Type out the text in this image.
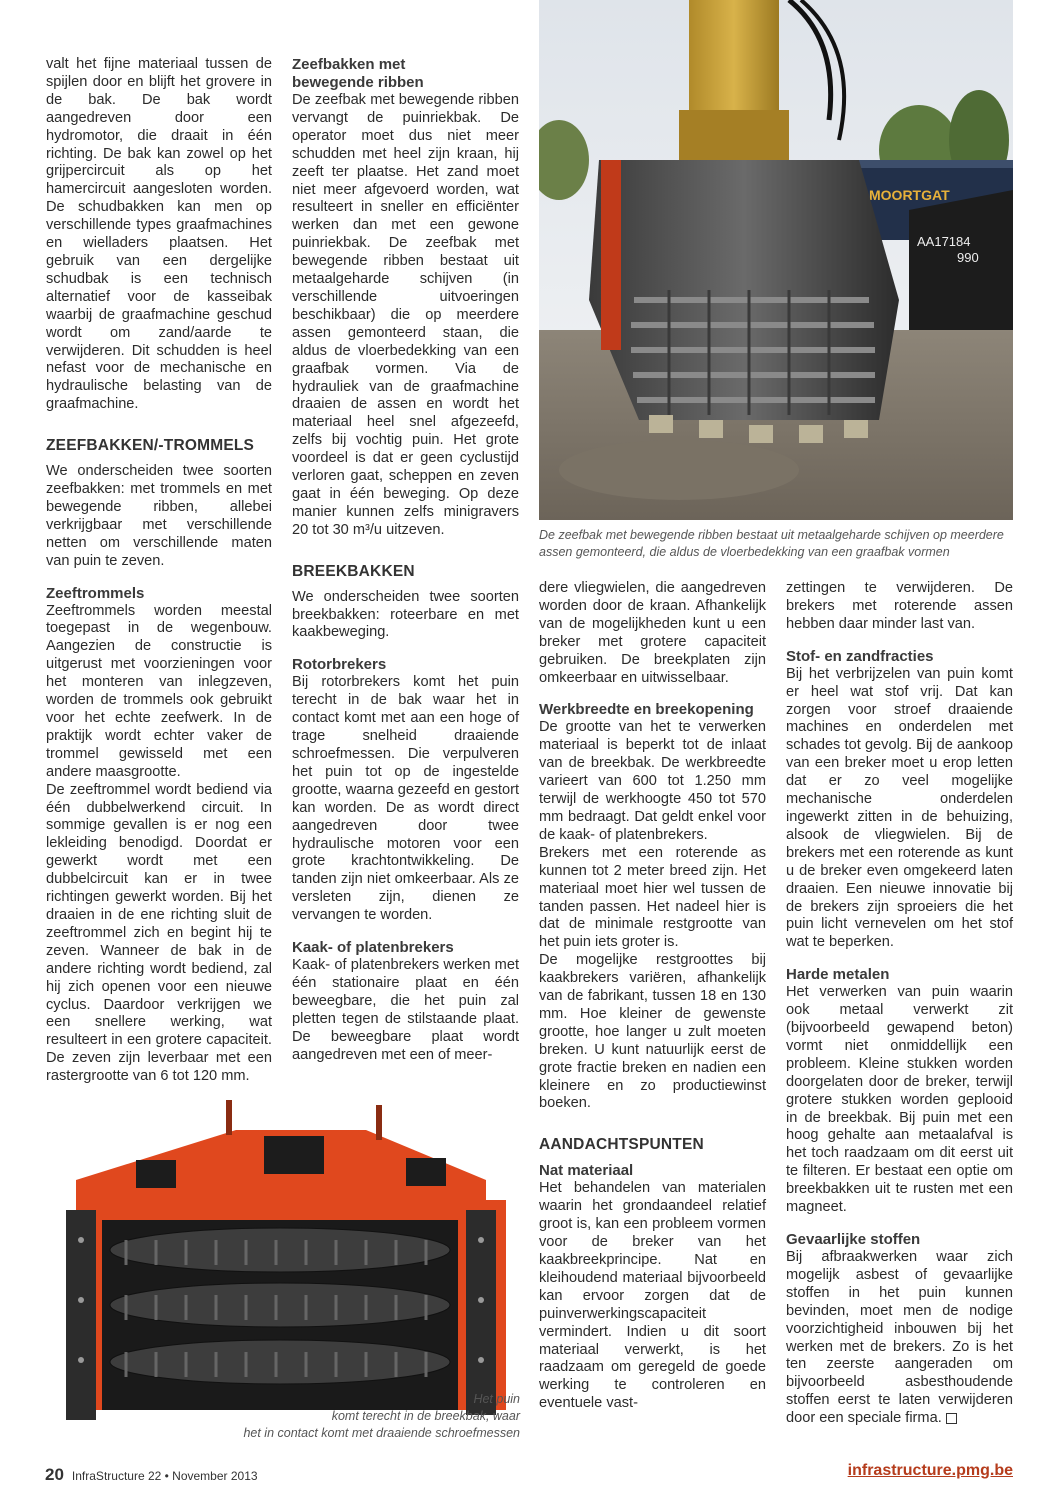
valt het fijne materiaal tussen de spijlen door en blijft het grovere in de bak. De bak wordt aangedreven door een hydromotor, die draait in één richting. De bak kan zowel op het grijpercircuit als op het hamercircuit aangesloten worden. De schudbakken kan men op verschillende types graafmachines en wielladers plaatsen. Het gebruik van een dergelijke schudbak is een technisch alternatief voor de kasseibak waarbij de graafmachine geschud wordt om zand/aarde te verwijderen. Dit schudden is heel nefast voor de mechanische en hydraulische belasting van de graafmachine.

ZEEFBAKKEN/-TROMMELS

We onderscheiden twee soorten zeefbakken: met trommels en met bewegende ribben, allebei verkrijgbaar met verschillende netten om verschillende maten van puin te zeven.

Zeeftrommels

Zeeftrommels worden meestal toegepast in de wegenbouw. Aangezien de constructie is uitgerust met voorzieningen voor het monteren van inlegzeven, worden de trommels ook gebruikt voor het echte zeefwerk. In de praktijk wordt echter vaker de trommel gewisseld met een andere maasgrootte.

De zeeftrommel wordt bediend via één dubbelwerkend circuit. In sommige gevallen is er nog een lekleiding benodigd. Doordat er gewerkt wordt met een dubbelcircuit kan er in twee richtingen gewerkt worden. Bij het draaien in de ene richting sluit de zeeftrommel zich en begint hij te zeven. Wanneer de bak in de andere richting wordt bediend, zal hij zich openen voor een nieuwe cyclus. Daardoor verkrijgen we een snellere werking, wat resulteert in een grotere capaciteit. De zeven zijn leverbaar met een rastergrootte van 6 tot 120 mm.

Zeefbakken met
bewegende ribben

De zeefbak met bewegende ribben vervangt de puinriekbak. De operator moet dus niet meer schudden met heel zijn kraan, hij zeeft ter plaatse. Het zand moet niet meer afgevoerd worden, wat resulteert in sneller en efficiënter werken dan met een gewone puinriekbak. De zeefbak met bewegende ribben bestaat uit metaalgeharde schijven (in verschillende uitvoeringen beschikbaar) die op meerdere assen gemonteerd staan, die aldus de vloerbedekking van een graafbak vormen. Via de hydrauliek van de graafmachine draaien de assen en wordt het materiaal heel snel afgezeefd, zelfs bij vochtig puin. Het grote voordeel is dat er geen cyclustijd verloren gaat, scheppen en zeven gaat in één beweging. Op deze manier kunnen zelfs minigravers 20 tot 30 m³/u uitzeven.

BREEKBAKKEN

We onderscheiden twee soorten breekbakken: roteerbare en met kaakbeweging.

Rotorbrekers

Bij rotorbrekers komt het puin terecht in de bak waar het in contact komt met aan een hoge of trage snelheid draaiende schroefmessen. Die verpulveren het puin tot op de ingestelde grootte, waarna gezeefd en gestort kan worden. De as wordt direct aangedreven door twee hydraulische motoren voor een grote krachtontwikkeling. De tanden zijn niet omkeerbaar. Als ze versleten zijn, dienen ze vervangen te worden.

Kaak- of platenbrekers

Kaak- of platenbrekers werken met één stationaire plaat en één beweegbare, die het puin zal pletten tegen de stilstaande plaat. De beweegbare plaat wordt aangedreven met een of meer-

MOORTGAT
AA17184
990
De zeefbak met bewegende ribben bestaat uit metaalgeharde schijven op meerdere
assen gemonteerd, die aldus de vloerbedekking van een graafbak vormen

dere vliegwielen, die aangedreven worden door de kraan. Afhankelijk van de mogelijkheden kunt u een breker met grotere capaciteit gebruiken. De breekplaten zijn omkeerbaar en uitwisselbaar.

Werkbreedte en breekopening

De grootte van het te verwerken materiaal is beperkt tot de inlaat van de breekbak. De werkbreedte varieert van 600 tot 1.250 mm terwijl de werkhoogte 450 tot 570 mm bedraagt. Dat geldt enkel voor de kaak- of platenbrekers.

Brekers met een roterende as kunnen tot 2 meter breed zijn. Het materiaal moet hier wel tussen de tanden passen. Het nadeel hier is dat de minimale restgrootte van het puin iets groter is.

De mogelijke restgroottes bij kaakbrekers variëren, afhankelijk van de fabrikant, tussen 18 en 130 mm. Hoe kleiner de gewenste grootte, hoe langer u zult moeten breken. U kunt natuurlijk eerst de grote fractie breken en nadien een kleinere en zo productiewinst boeken.

AANDACHTSPUNTEN
Nat materiaal

Het behandelen van materialen waarin het grondaandeel relatief groot is, kan een probleem vormen voor de breker van het kaakbreekprincipe. Nat en kleihoudend materiaal bijvoorbeeld kan ervoor zorgen dat de puinverwerkingscapaciteit vermindert. Indien u dit soort materiaal verwerkt, is het raadzaam om geregeld de goede werking te controleren en eventuele vast-

zettingen te verwijderen. De brekers met roterende assen hebben daar minder last van.

Stof- en zandfracties

Bij het verbrijzelen van puin komt er heel wat stof vrij. Dat kan zorgen voor stroef draaiende machines en onderdelen met schades tot gevolg. Bij de aankoop van een breker moet u erop letten dat er zo veel mogelijke mechanische onderdelen ingewerkt zitten in de behuizing, alsook de vliegwielen. Bij de brekers met een roterende as kunt u de breker even omgekeerd laten draaien. Een nieuwe innovatie bij de brekers zijn sproeiers die het puin licht vernevelen om het stof wat te beperken.

Harde metalen

Het verwerken van puin waarin ook metaal verwerkt zit (bijvoorbeeld gewapend beton) vormt niet onmiddellijk een probleem. Kleine stukken worden doorgelaten door de breker, terwijl grotere stukken worden geplooid in de breekbak. Bij puin met een hoog gehalte aan metaalafval is het toch raadzaam om dit eerst uit te filteren. Er bestaat een optie om breekbakken uit te rusten met een magneet.

Gevaarlijke stoffen

Bij afbraakwerken waar zich mogelijk asbest of gevaarlijke stoffen in het puin kunnen bevinden, moet men de nodige voorzichtigheid inbouwen bij het werken met de brekers. Zo is het ten zeerste aangeraden om bijvoorbeeld asbesthoudende stoffen eerst te laten verwijderen door een speciale firma.

Het puin
komt terecht in de breekbak, waar
het in contact komt met draaiende schroefmessen
20 InfraStructure 22 • November 2013	infrastructure.pmg.be
